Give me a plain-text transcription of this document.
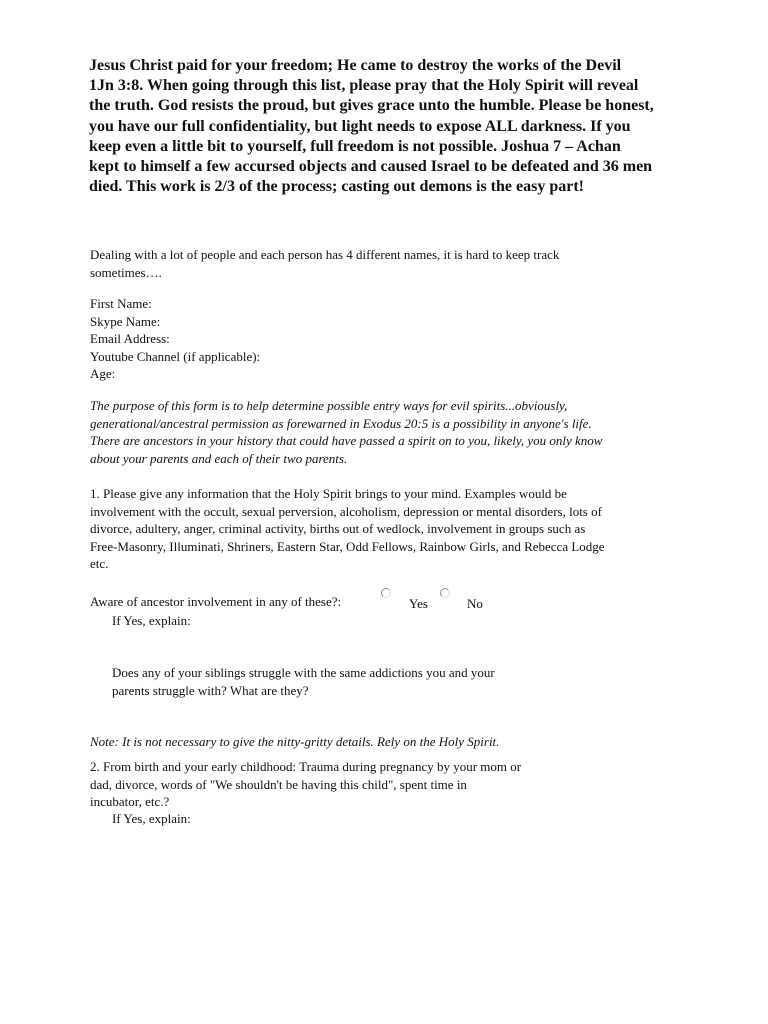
Jesus Christ paid for your freedom; He came to destroy the works of the Devil
1Jn 3:8. When going through this list, please pray that the Holy Spirit will reveal
the truth. God resists the proud, but gives grace unto the humble. Please be honest,
you have our full confidentiality, but light needs to expose ALL darkness. If you
keep even a little bit to yourself, full freedom is not possible. Joshua 7 – Achan
kept to himself a few accursed objects and caused Israel to be defeated and 36 men
died. This work is 2/3 of the process; casting out demons is the easy part!
Dealing with a lot of people and each person has 4 different names, it is hard to keep track
sometimes….
First Name:
Skype Name:
Email Address:
Youtube Channel (if applicable):
Age:
The purpose of this form is to help determine possible entry ways for evil spirits...obviously,
generational/ancestral permission as forewarned in Exodus 20:5 is a possibility in anyone's life.
There are ancestors in your history that could have passed a spirit on to you, likely, you only know
about your parents and each of their two parents.
1. Please give any information that the Holy Spirit brings to your mind. Examples would be
involvement with the occult, sexual perversion, alcoholism, depression or mental disorders, lots of
divorce, adultery, anger, criminal activity, births out of wedlock, involvement in groups such as
Free-Masonry, Illuminati, Shriners, Eastern Star, Odd Fellows, Rainbow Girls, and Rebecca Lodge
etc.
Aware of ancestor involvement in any of these?:	Yes	No
If Yes, explain:
Does any of your siblings struggle with the same addictions you and your
parents struggle with? What are they?
Note: It is not necessary to give the nitty-gritty details. Rely on the Holy Spirit.
2. From birth and your early childhood: Trauma during pregnancy by your mom or
dad, divorce, words of "We shouldn't be having this child", spent time in
incubator, etc.?
If Yes, explain:
